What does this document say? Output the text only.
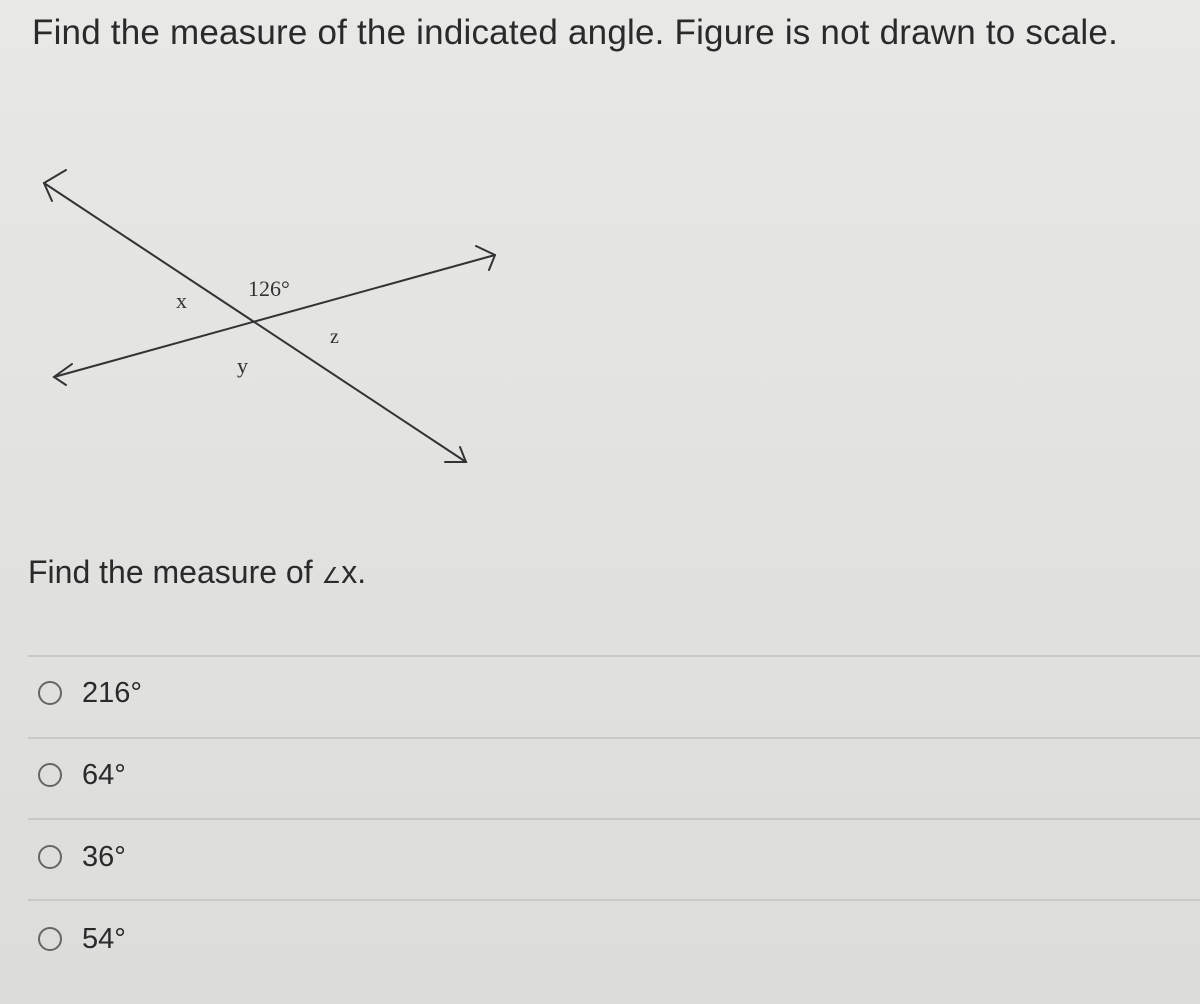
Find the measure of the indicated angle. Figure is not drawn to scale.
126°
x
y
z
Find the measure of ∠x.
216°
64°
36°
54°
